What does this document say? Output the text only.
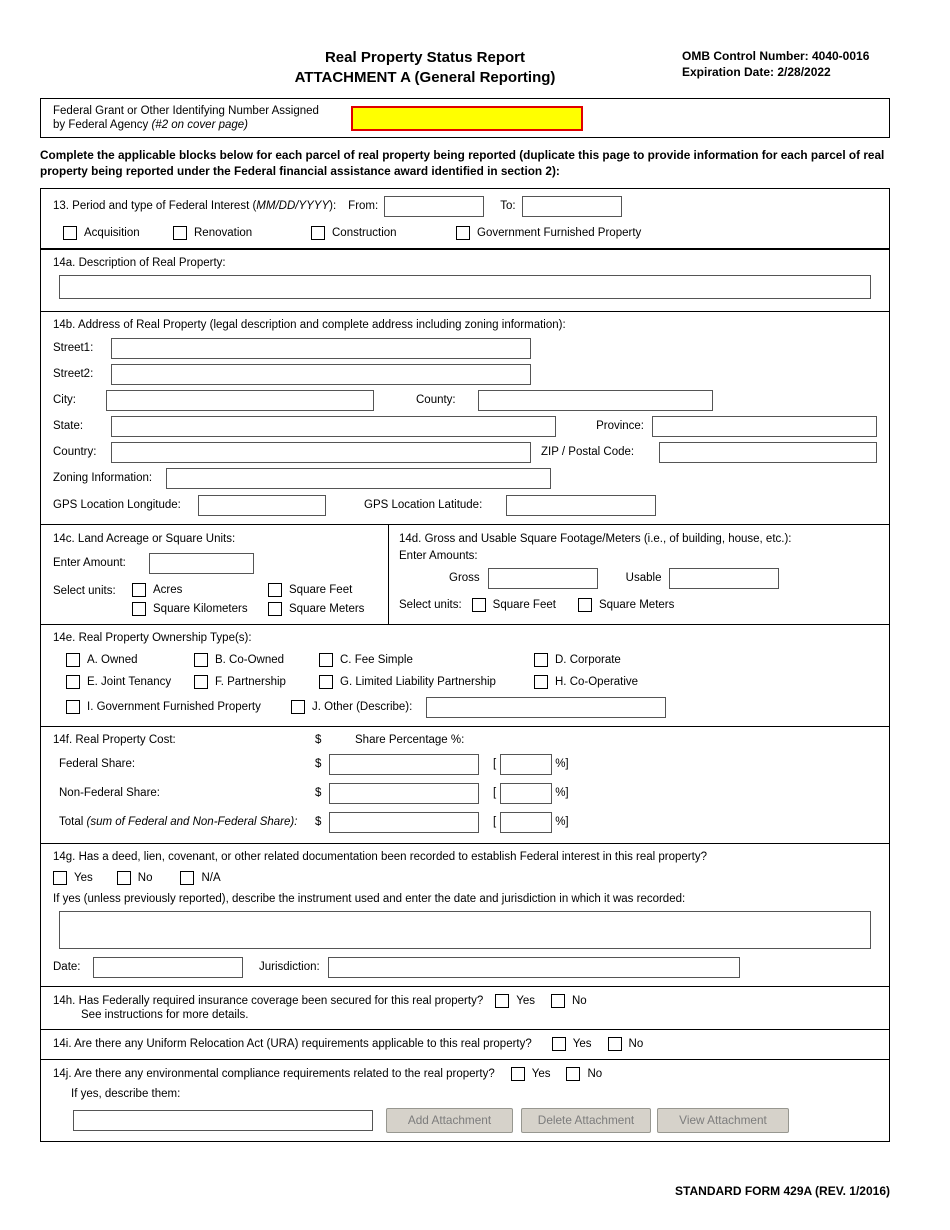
Real Property Status Report
ATTACHMENT A (General Reporting)
OMB Control Number: 4040-0016
Expiration Date: 2/28/2022
Federal Grant or Other Identifying Number Assigned
by Federal Agency (#2 on cover page)
Complete the applicable blocks below for each parcel of real property being reported (duplicate this page to provide information for each parcel of real property being reported under the Federal financial assistance award identified in section 2):
13. Period and type of Federal Interest (MM/DD/YYYY): From:	To:
Acquisition	Renovation	Construction	Government Furnished Property
14a. Description of Real Property:
14b. Address of Real Property (legal description and complete address including zoning information):
Street1:
Street2:
City:	County:
State:	Province:
Country:	ZIP / Postal Code:
Zoning Information:
GPS Location Longitude:	GPS Location Latitude:
14c. Land Acreage or Square Units:
Enter Amount:
Select units:	Acres	Square Feet
Square Kilometers	Square Meters
14d. Gross and Usable Square Footage/Meters (i.e., of building, house, etc.):
Enter Amounts:
Gross	Usable
Select units:	Square Feet	Square Meters
14e. Real Property Ownership Type(s):
A. Owned	B. Co-Owned	C. Fee Simple	D. Corporate
E. Joint Tenancy	F. Partnership	G. Limited Liability Partnership	H. Co-Operative
I. Government Furnished Property	J. Other (Describe):
14f. Real Property Cost:	$	Share Percentage %:
Federal Share:	$	[	%]
Non-Federal Share:	$	[	%]
Total (sum of Federal and Non-Federal Share):	$	[	%]
14g. Has a deed, lien, covenant, or other related documentation been recorded to establish Federal interest in this real property?
Yes	No	N/A
If yes (unless previously reported), describe the instrument used and enter the date and jurisdiction in which it was recorded:
Date:	Jurisdiction:
14h. Has Federally required insurance coverage been secured for this real property?	Yes	No
See instructions for more details.
14i. Are there any Uniform Relocation Act (URA) requirements applicable to this real property?	Yes	No
14j. Are there any environmental compliance requirements related to the real property?	Yes	No
If yes, describe them:
Add Attachment	Delete Attachment	View Attachment
STANDARD FORM 429A (REV. 1/2016)
